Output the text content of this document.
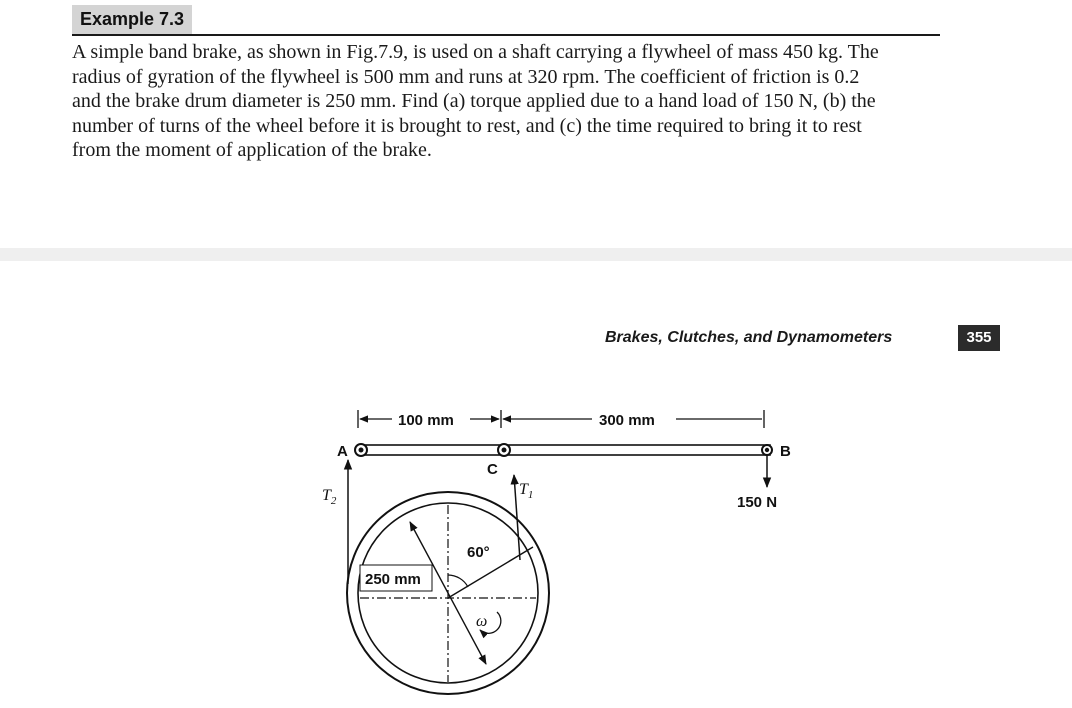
Example 7.3
A simple band brake, as shown in Fig.7.9, is used on a shaft carrying a flywheel of mass 450 kg. The
radius of gyration of the flywheel is 500 mm and runs at 320 rpm. The coefficient of friction is 0.2
and the brake drum diameter is 250 mm. Find (a) torque applied due to a hand load of 150 N, (b) the
number of turns of the wheel before it is brought to rest, and (c) the time required to bring it to rest
from the moment of application of the brake.
Brakes, Clutches, and Dynamometers	355
100 mm	300 mm
A	B
C
150 N
$T_2$
$T_1$
60°
250 mm
ω
